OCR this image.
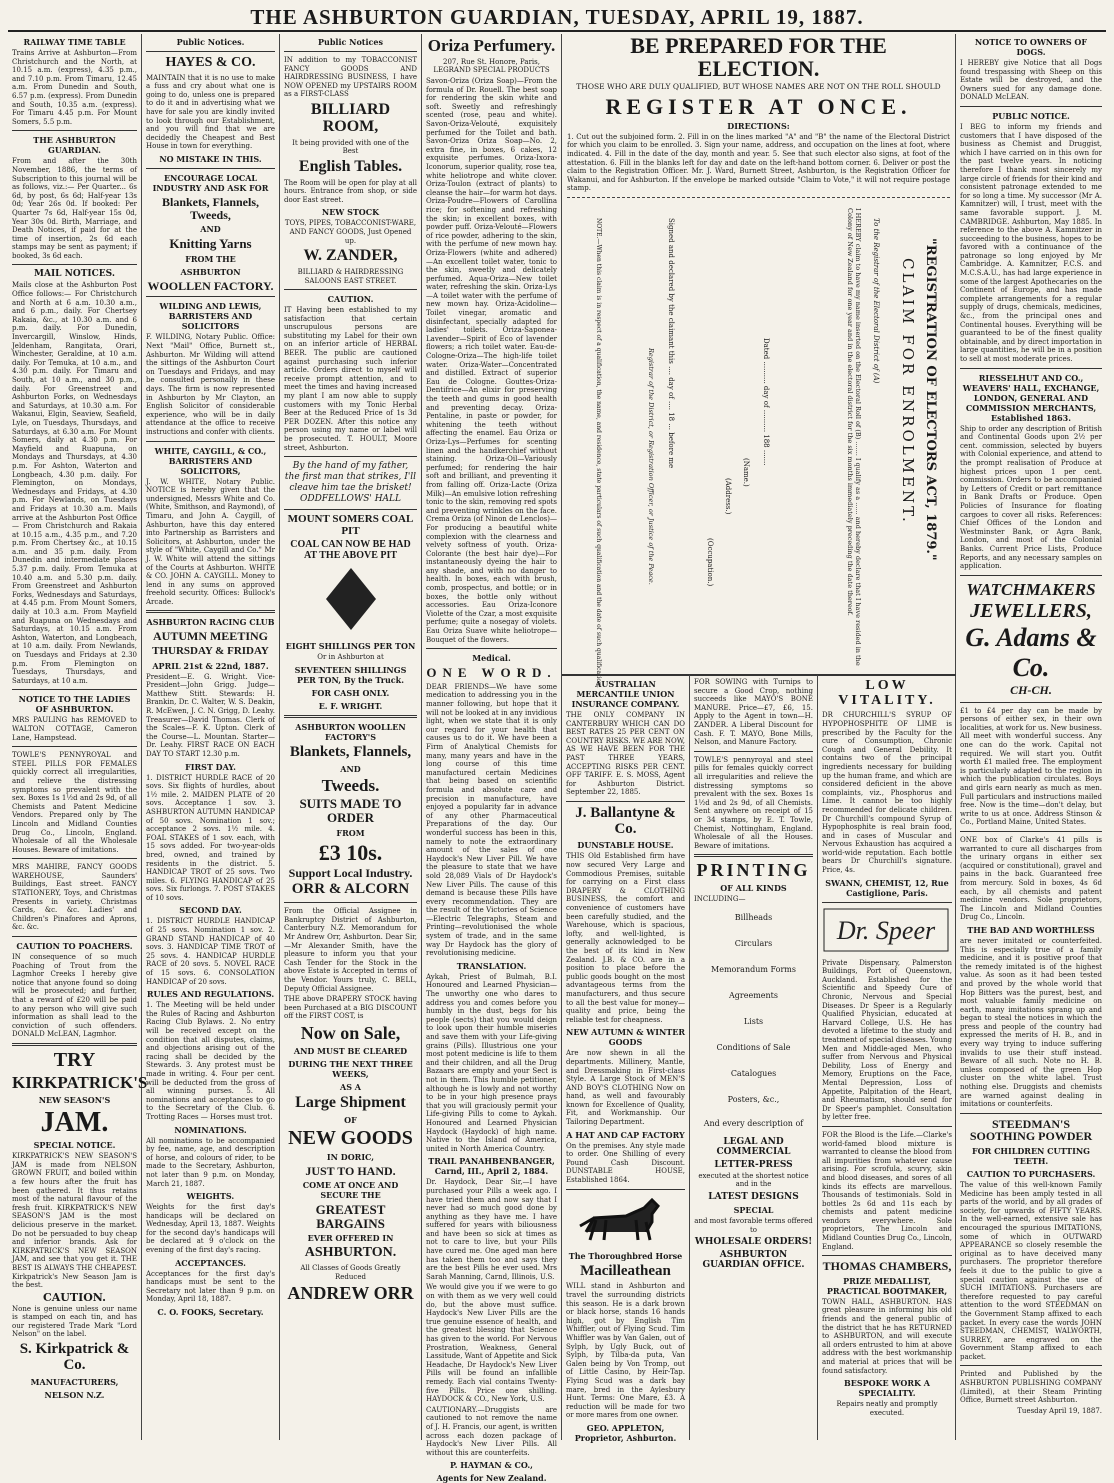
THE ASHBURTON GUARDIAN, TUESDAY, APRIL 19, 1887.
RAILWAY TIME TABLE
Trains Arrive at Ashburton—From Christchurch and the North, at 10.15 a.m. (express), 4.35 p.m., and 7.10 p.m. From Timaru, 12.45 a.m. From Dunedin and South, 6.57 p.m. (express). From Dunedin and South, 10.35 a.m. (express). For Timaru 4.45 p.m. For Mount Somers, 5.5 p.m.
THE ASHBURTON GUARDIAN.
From and after the 30th November, 1886, the terms of Subscription to this journal will be as follows, viz.:— Per Quarter... 6s 6d, by post, 6s 6d; Half-year 13s 0d; Year 26s 0d. If booked: Per Quarter 7s 6d, Half-year 15s 0d, Year 30s 0d. Birth, Marriage, and Death Notices, if paid for at the time of insertion, 2s 6d each stamps may be sent as payment; if booked, 3s 6d each.
MAIL NOTICES.
Mails close at the Ashburton Post Office follows:— For Christchurch and North at 6 a.m. 10.30 a.m., and 6 p.m., daily. For Chertsey Rakaia, &c., at 10.30 a.m. and 6 p.m. daily. For Dunedin, Invercargill, Winslow, Hinds, Jeldenham, Rangitata, Orari, Winchester, Geraldine, at 10 a.m. daily. For Temuka, at 10 a.m., and 4.30 p.m. daily. For Timaru and South, at 10 a.m., and 30 p.m., daily. For Greenstreet and Ashburton Forks, on Wednesdays and Saturdays, at 10.30 a.m. For Wakanui, Elgin, Seaview, Seafield, Lyle, on Tuesdays, Thursdays, and Saturdays, at 6.30 a.m. For Mount Somers, daily at 4.30 p.m. For Mayfield and Ruapuna, on Mondays and Thursdays, at 4.30 p.m. For Ashton, Waterton and Longbeach, 4.30 p.m. daily. For Flemington, on Mondays, Wednesdays and Fridays, at 4.30 p.m. For Newlands, on Tuesdays and Fridays at 10.30 a.m. Mails arrive at the Ashburton Post Office— From Christchurch and Rakaia at 10.15 a.m., 4.35 p.m., and 7.20 p.m. From Chertsey &c., at 10.15 a.m. and 35 p.m. daily. From Dunedin and intermediate places 5.37 p.m. daily. From Temuka at 10.40 a.m. and 5.30 p.m. daily. From Greenstreet and Ashburton Forks, Wednesdays and Saturdays, at 4.45 p.m. From Mount Somers, daily at 10.3 a.m. From Mayfield and Ruapuna on Wednesdays and Saturdays, at 10.15 a.m. From Ashton, Waterton, and Longbeach, at 10 a.m. daily. From Newlands, on Tuesdays and Fridays at 2.30 p.m. From Flemington on Tuesdays, Thursdays, and Saturdays, at 10 a.m.
NOTICE TO THE LADIES OF ASHBURTON.
MRS PAULING has REMOVED to WALTON COTTAGE, Cameron Lane, Hampstead.
TOWLE'S PENNYROYAL and STEEL PILLS FOR FEMALES quickly correct all irregularities, and relieve the distressing symptoms so prevalent with the sex. Boxes 1s 1½d and 2s 9d, of all Chemists and Patent Medicine Vendors. Prepared only by The Lincoln and Midland Counties Drug Co., Lincoln, England. Wholesale of all the Wholesale Houses. Beware of imitations.
MRS MAHIRE, FANCY GOODS WAREHOUSE, Saunders' Buildings, East street. FANCY STATIONERY, Toys, and Christmas Presents in variety. Christmas Cards, &c. &c. Ladies' and Children's Pinafores and Aprons, &c. &c.
CAUTION TO POACHERS.
IN consequence of so much Poaching of Trout from the Lagmhor Creeks I hereby give notice that anyone found so doing will be prosecuted; and further, that a reward of £20 will be paid to any person who will give such information as shall lead to the conviction of such offenders. DONALD McLEAN, Lagmhor.
TRY
KIRKPATRICK'S
NEW SEASON'S
JAM.
SPECIAL NOTICE.
KIRKPATRICK'S NEW SEASON'S JAM is made from NELSON GROWN FRUIT, and boiled within a few hours after the fruit has been gathered. It thus retains most of the natural flavour of the fresh fruit. KIRKPATRICK'S NEW SEASON'S JAM is the most delicious preserve in the market. Do not be persuaded to buy cheap and inferior brands. Ask for KIRKPATRICK'S NEW SEASON JAM, and see that you get it. THE BEST IS ALWAYS THE CHEAPEST. Kirkpatrick's New Season Jam is the best.
CAUTION.
None is genuine unless our name is stamped on each tin, and has our registered Trade Mark "Lord Nelson" on the label.
S. Kirkpatrick & Co.
MANUFACTURERS,
NELSON N.Z.
Public Notices.
HAYES & CO.
MAINTAIN that it is no use to make a fuss and cry about what one is going to do, unless one is prepared to do it and in advertising what we have for sale you are kindly invited to look through our Establishment, and you will find that we are decidedly the Cheapest and Best House in town for everything.
NO MISTAKE IN THIS.
ENCOURAGE LOCAL INDUSTRY AND ASK FOR
Blankets, Flannels, Tweeds,
AND
Knitting Yarns
FROM THE
ASHBURTON
WOOLLEN FACTORY.
WILDING AND LEWIS, BARRISTERS AND SOLICITORS
F. WILDING, Notary Public. Office: Next "Mail" Office, Burnett st., Ashburton. Mr Wilding will attend the sittings of the Ashburton Court on Tuesdays and Fridays, and may be consulted personally in these days. The firm is now represented in Ashburton by Mr Clayton, an English Solicitor of considerable experience, who will be in daily attendance at the office to receive instructions and confer with clients.
WHITE, CAYGILL, & CO., BARRISTERS AND SOLICITORS,
J. W. WHITE, Notary Public. NOTICE is hereby given that the undersigned, Messrs White and Co. (White, Smithson, and Raymond), of Timaru, and John A. Caygill, of Ashburton, have this day entered into Partnership as Barristers and Solicitors, at Ashburton, under the style of "White, Caygill and Co." Mr J. W. White will attend the sittings of the Courts at Ashburton. WHITE & CO. JOHN A. CAYGILL. Money to lend in any sums on approved freehold security. Offices: Bullock's Arcade.
ASHBURTON RACING CLUB
AUTUMN MEETING
THURSDAY & FRIDAY
APRIL 21st & 22nd, 1887.
President—E. G. Wright. Vice-President—John Grigg. Judge—Matthew Stitt. Stewards: H. Brankin, Dr. C. Walter, W. S. Deakin, R. McEwen, J. C. N. Grigg, D. Leahy. Treasurer—David Thomas. Clerk of the Scales—F. K. Upton. Clerk of the Course—L. Mountan. Starter—Dr. Leahy. FIRST RACE ON EACH DAY TO START 12.30 p.m.
FIRST DAY.
1. DISTRICT HURDLE RACE of 20 sovs. Six flights of hurdles, about 1½ mile. 2. MAIDEN PLATE of 20 sovs. Acceptance 1 sov. 3. ASHBURTON AUTUMN HANDICAP of 50 sovs. Nomination 1 sov.; acceptance 2 sovs. 1½ mile. 4. FOAL STAKES of 1 sov. each, with 15 sovs added. For two-year-olds bred, owned, and trained by residents in the district. 5. HANDICAP TROT of 25 sovs. Two miles. 6. FLYING HANDICAP of 25 sovs. Six furlongs. 7. POST STAKES of 10 sovs.
SECOND DAY.
1. DISTRICT HURDLE HANDICAP of 25 sovs. Nomination 1 sov. 2. GRAND STAND HANDICAP of 40 sovs. 3. HANDICAP TIME TROT of 25 sovs. 4. HANDICAP HURDLE RACE of 20 sovs. 5. NOVEL RACE of 15 sovs. 6. CONSOLATION HANDICAP of 20 sovs.
RULES AND REGULATIONS.
1. The Meeting will be held under the Rules of Racing and Ashburton Racing Club Bylaws. 2. No entry will be received except on the condition that all disputes, claims, and objections arising out of the racing shall be decided by the Stewards. 3. Any protest must be made in writing. 4. Four per cent. will be deducted from the gross of all winning purses. 5. All nominations and acceptances to go to the Secretary of the Club. 6. Trotting Races — Horses must trot.
NOMINATIONS.
All nominations to be accompanied by fee, name, age, and description of horse, and colours of rider, to be made to the Secretary, Ashburton, not later than 9 p.m. on Monday, March 21, 1887.
WEIGHTS.
Weights for the first day's handicaps will be declared on Wednesday, April 13, 1887. Weights for the second day's handicaps will be declared at 9 o'clock on the evening of the first day's racing.
ACCEPTANCES.
Acceptances for the first day's handicaps must be sent to the Secretary not later than 9 p.m. on Monday, April 18, 1887.
C. O. FOOKS, Secretary.
Public Notices
IN addition to my TOBACCONIST FANCY GOODS AND HAIRDRESSING BUSINESS, I have NOW OPENED my UPSTAIRS ROOM as a FIRST-CLASS
BILLIARD ROOM,
It being provided with one of the Best
English Tables.
The Room will be open for play at all hours. Entrance from shop, or side door East street.
NEW STOCK
TOYS, PIPES, TOBACCONIST-WARE, AND FANCY GOODS, Just Opened up.
W. ZANDER,
BILLIARD & HAIRDRESSING SALOONS EAST STREET.
CAUTION.
IT Having been established to my satisfaction that certain unscrupulous persons are substituting my Label for their own on an inferior article of HERBAL BEER. The public are cautioned against purchasing such inferior article. Orders direct to myself will receive prompt attention, and to meet the times and having increased my plant I am now able to supply customers with my Tonic Herbal Beer at the Reduced Price of 1s 3d PER DOZEN. After this notice any person using my name or label will be prosecuted. T. HOULT, Moore street, Ashburton.
By the hand of my father, the first man that strikes, I'll cleave him tae the brisket! ODDFELLOWS' HALL
MOUNT SOMERS COAL PIT
COAL CAN NOW BE HAD AT THE ABOVE PIT
EIGHT SHILLINGS PER TON
Or in Ashburton at
SEVENTEEN SHILLINGS PER TON, By the Truck.
FOR CASH ONLY.
E. F. WRIGHT.
ASHBURTON WOOLLEN FACTORY'S
Blankets, Flannels,
AND
Tweeds.
SUITS MADE TO ORDER
FROM
£3 10s.
Support Local Industry.
ORR & ALCORN
From the Official Assignee in Bankruptcy District of Ashburton, Canterbury N.Z. Memorandum for Mr Andrew Orr, Ashburton. Dear Sir,—Mr Alexander Smith, have the pleasure to inform you that your Cash Tender for the Stock in the above Estate is Accepted in terms of the Vendor. Yours truly, C. BELL, Deputy Official Assignee.
THE above DRAPERY STOCK having been Purchased at a BIG DISCOUNT off the FIRST COST, is
Now on Sale,
AND MUST BE CLEARED
DURING THE NEXT THREE WEEKS,
AS A
Large Shipment
OF
NEW GOODS
IN DORIC,
JUST TO HAND.
COME AT ONCE AND SECURE THE
GREATEST BARGAINS
EVER OFFERED IN
ASHBURTON.
All Classes of Goods Greatly Reduced
ANDREW ORR
Oriza Perfumery.
207, Rue St. Honore, Paris, LEGRAND SPECIAL PRODUCTS
Savon-Oriza (Oriza Soap)—From the formula of Dr. Rouell. The best soap for rendering the skin white and soft. Sweetly and refreshingly scented (rose, peau and white). Savon-Oriza-Velouté, exquisitely perfumed for the Toilet and bath. Savon-Oriza Oriza Soap—No. 2, extra fine, in boxes, 6 cakes, 12 exquisite perfumes. Oriza-Ixora-Iconorum, superior quality, rose tea, white heliotrope and white clover. Oriza-Toulon (extract of plants) to cleanse the hair—for warm hot days. Oriza-Poudre—Flowers of Carollina rice; for softening and refreshing the skin; in excellent boxes, with powder puff. Oriza-Velouté—Flowers of rice powder, adhering to the skin, with the perfume of new mown hay. Oriza-Flowers (white and adhered)—An excellent toilet water, tonic to the skin, sweetly and delicately perfumed. Aqua-Oriza—New toilet water, refreshing the skin. Oriza-Lys—A toilet water with the perfume of new mown hay. Oriza-Acidoline—Toilet vinegar, aromatic and disinfectant, specially adapted for ladies' toilets. Oriza-Saponea-Lavender—Spirit of Eco of lavender flowers; a rich toilet water. Eau-de-Cologne-Oriza—The high-life toilet water. Oriza-Water—Concentrated and distilled. Extract of superior Eau de Cologne. Gouttes-Oriza-Dentifrice—An elixir for preserving the teeth and gums in good health and preventing decay. Oriza-Pentaline, in paste or powder, for whitening the teeth without affecting the enamel. Eau Oriza or Oriza-Lys—Perfumes for scenting linen and the handkerchief without staining. Oriza-Oil—Variously perfumed; for rendering the hair soft and brilliant, and preventing it from falling off. Oriza-Lacte (Oriza Milk)—An emulsive lotion refreshing tonic to the skin, removing red spots and preventing wrinkles on the face. Crema Oriza (of Ninon de Lenclos)—For producing a beautiful white complexion with the clearness and velvety softness of youth. Oriza-Colorante (the best hair dye)—For instantaneously dyeing the hair to any shade, and with no danger to health. In boxes, each with brush, comb, prospectus, and bottle; or in boxes, the bottle only without accessories. Eau Oriza-Iconore Violette of the Czar, a most exquisite perfume; quite a nosegay of violets. Eau Oriza Suave white heliotrope—Bouquet of the flowers.
Medical.
ONE WORD.
DEAR FRIENDS—We have some medication to addressing you in the manner following, but hope that it will not be looked at in any invidious light, when we state that it is only our regard for your health that causes us to do it. We have been a Firm of Analytical Chemists for many, many years and have in the long course of this time manufactured certain Medicines that being based on scientific formula and absolute care and precision in manufacture, have enjoyed a popularity far in advance of any other Pharmaceutical Preparations of the day. Our wonderful success has been in this, namely to note the extraordinary amount of the sales of one Haydock's New Liver Pill. We have the pleasure to state that we have sold 28,089 Vials of Dr Haydock's New Liver Pills. The cause of this demand is because these Pills have every recommendation. They are the result of the Victories of Science—Electric Telegraphs, Steam and Printing—revolutionised the whole system of trade, and in the same way Dr Haydock has the glory of revolutionising medicine.
TRANSLATION.
Aykah, Priest of Bulmah, B.I. Honoured and Learned Physician—The unworthy one who dares to address you and comes before you humbly in the dust, begs for his people (sects) that you would deign to look upon their humble miseries and save them with your Life-giving grains (Pills). Illustrious one your most potent medicine is life to them and their children, and all the Drug Bazaars are empty and your Sect is not in them. This humble petitioner, although he is lowly and not worthy to be in your high presence prays that you will graciously permit your Life-giving Pills to come to Aykah. Honoured and Learned Physician Haydock (Haydock) of high name. Native to the Island of America, united in North America Country.
TRAIL PANAHBENBANGER, Carnd, III., April 2, 1884.
Dr. Haydock, Dear Sir,—I have purchased your Pills a week ago. I have tried them and now say that I never had so much good done by anything as they have me. I have suffered for years with biliousness and have been so sick at times as not to care to live, but your Pills have cured me. One aged man here has taken them too and says they are the best Pills he ever used. Mrs Sarah Manning, Carnd, Illinois, U.S.
We would give you if we were to go on with them as we very well could do, but the above must suffice. Haydock's New Liver Pills are the true genuine essence of health, and the greatest blessing that Science has given to the world. For Nervous Prostration, Weakness, General Lassitude, Want of Appetite and Sick Headache, Dr Haydock's New Liver Pills will be found an infallible remedy. Each vial contains Twenty-five Pills. Price one shilling. HAYDOCK & CO., New York, U.S.
CAUTIONARY.—Druggists are cautioned to not remove the name of J. H. Francis, our agent, is written across each dozen package of Haydock's New Liver Pills. All without this are counterfeits.
P. HAYMAN & CO.,
Agents for New Zealand.
BE PREPARED FOR THE ELECTION.
THOSE WHO ARE DULY QUALIFIED, BUT WHOSE NAMES ARE NOT ON THE ROLL SHOULD
REGISTER AT ONCE.
DIRECTIONS:
1. Cut out the subjoined form. 2. Fill in on the lines marked "A" and "B" the name of the Electoral District for which you claim to be enrolled. 3. Sign your name, address, and occupation on the lines at foot, where indicated. 4. Fill in the date of the day, month and year. 5. See that such elector also signs, at foot of the attestation. 6. Fill in the blanks left for day and date on the left-hand bottom corner. 6. Deliver or post the claim to the Registration Officer. Mr. J. Ward, Burnett Street, Ashburton, is the Registration Officer for Wakanui, and for Ashburton. If the envelope be marked outside "Claim to Vote," it will not require postage stamp.
"REGISTRATION OF ELECTORS ACT, 1879."
CLAIM FOR ENROLMENT.
To the Registrar of the Electoral District of (A)
I HEREBY claim to have my name inserted on the Electoral Roll of (B) ....... I qualify as a ...... and hereby declare that I have resided in the Colony of New Zealand for one year and in the electoral district for the six months immediately preceding the date thereof.
Dated .......... day of .......... 188 .......
(Name.)
(Address.)
(Occupation.)
Signed and declared by the claimant this .... day of .... 18 ... before me
Registrar of the District, or Registration Officer, or Justice of the Peace.
NOTE.—When this claim is in respect of a qualification, the name, and residence, state particulars of such qualification and the date of such qualification.
AUSTRALIAN MERCANTILE UNION INSURANCE COMPANY.
THE ONLY COMPANY IN CANTERBURY WHICH CAN DO BEST RATES 25 PER CENT ON COUNTRY RISKS. WE ARE NOW, AS WE HAVE BEEN FOR THE PAST THREE YEARS, ACCEPTING RISKS PER CENT. OFF TARIFF. E. S. MOSS, Agent for Ashburton District. September 22, 1885.
J. Ballantyne & Co.
DUNSTABLE HOUSE.
THIS Old Established firm have now secured Very Large and Commodious Premises, suitable for carrying on a First class DRAPERY & CLOTHING BUSINESS, the comfort and convenience of customers have been carefully studied, and the Warehouse, which is spacious, lofty, and well-lighted, is generally acknowledged to be the best of its kind in New Zealand. J.B. & CO. are in a position to place before the public goods bought on the most advantageous terms from the manufacturers, and thus secure to all the best value for money—quality and price, being the reliable test for cheapness.
NEW AUTUMN & WINTER GOODS
Are now shewn in all the departments. Millinery, Mantle, and Dressmaking in First-class Style. A Large Stock of MEN'S AND BOY'S CLOTHING Now on hand, as well and favourably known for Excellence of Quality, Fit, and Workmanship. Our Tailoring Department.
A HAT AND CAP FACTORY
On the premises. Any style made to order. One Shilling of every Pound Cash Discount. DUNSTABLE HOUSE, Established 1864.
The Thoroughbred Horse
Macilleathean
WILL stand in Ashburton and travel the surrounding districts this season. He is a dark brown or black horse, stands 16 hands high, got by English Tim Whiffler, out of Flying Scud. Tim Whiffler was by Van Galen, out of Sylph, by Ugly Buck, out of Sylph, by Tilba-da puta, Van Galen being by Von Tromp, out of Little Casino, by Heir-Tap. Flying Scud was a dark bay mare, bred in the Aylesbury Hunt. Terms: One Mare, £3. A reduction will be made for two or more mares from one owner.
GEO. APPLETON, Proprietor, Ashburton.
FOR SOWING with Turnips to secure a Good Crop, nothing succeeds like MAYO'S BONE MANURE. Price—£7, £6, 15. Apply to the Agent in town—H. ZANDER. A Liberal Discount for Cash. F. T. MAYO, Bone Mills, Nelson, and Manure Factory.
TOWLE'S pennyroyal and steel pills for females quickly correct all irregularities and relieve the distressing symptoms so prevalent with the sex. Boxes 1s 1½d and 2s 9d, of all Chemists. Sent anywhere on receipt of 15 or 34 stamps, by E. T. Towle, Chemist, Nottingham, England. Wholesale of all the Houses. Beware of imitations.
PRINTING
OF ALL KINDS
INCLUDING—
Billheads
Circulars
Memorandum Forms
Agreements
Lists
Conditions of Sale
Catalogues
Posters, &c.,
And every description of
LEGAL AND COMMERCIAL
LETTER-PRESS
executed at the shortest notice and in the
LATEST DESIGNS
SPECIAL
and most favorable terms offered to
WHOLESALE ORDERS!
ASHBURTON GUARDIAN OFFICE.
LOW VITALITY.
DR CHURCHILL'S SYRUP OF HYPOPHOSPHITE OF LIME is prescribed by the Faculty for the cure of Consumption, Chronic Cough and General Debility. It contains two of the principal ingredients necessary for building up the human frame, and which are considered deficient in the above complaints, viz., Phosphorus and Lime. It cannot be too highly recommended for delicate children. Dr Churchill's compound Syrup of Hypophosphite is real brain food, and in cases of Muscular and Nervous Exhaustion has acquired a world-wide reputation. Each bottle bears Dr Churchill's signature. Price, 4s.
SWANN, CHEMIST, 12, Rue Castiglione, Paris.
Dr. Speer
Private Dispensary, Palmerston Buildings, Port of Queenstown, Auckland. Established for the Scientific and Speedy Cure of Chronic, Nervous and Special Diseases. Dr Speer is a Regularly Qualified Physician, educated at Harvard College, U.S. He has devoted a lifetime to the study and treatment of special diseases. Young Men and Middle-aged Men, who suffer from Nervous and Physical Debility, Loss of Energy and Memory, Eruptions on the Face, Mental Depression, Loss of Appetite, Palpitation of the Heart, and Rheumatism, should send for Dr Speer's pamphlet. Consultation by letter free.
FOR the Blood is the Life.—Clarke's world-famed blood mixture is warranted to cleanse the blood from all impurities from whatever cause arising. For scrofula, scurvy, skin and blood diseases, and sores of all kinds its effects are marvellous. Thousands of testimonials. Sold in bottles 2s 6d and 11s each by chemists and patent medicine vendors everywhere. Sole proprietors, The Lincoln and Midland Counties Drug Co., Lincoln, England.
THOMAS CHAMBERS,
PRIZE MEDALLIST, PRACTICAL BOOTMAKER,
TOWN HALL, ASHBURTON. HAS great pleasure in informing his old friends and the general public of the district that he has RETURNED to ASHBURTON, and will execute all orders entrusted to him at above address with the best workmanship and material at prices that will be found satisfactory.
BESPOKE WORK A SPECIALITY.
Repairs neatly and promptly executed.
NOTICE TO OWNERS OF DOGS.
I HEREBY give Notice that all Dogs found trespassing with Sheep on this Estate will be destroyed, and the Owners sued for any damage done. DONALD McLEAN.
PUBLIC NOTICE.
I BEG to inform my friends and customers that I have disposed of the business as Chemist and Druggist, which I have carried on in this own for the past twelve years. In noticing therefore I thank most sincerely my large circle of friends for their kind and consistent patronage extended to me for so long a time. My successor (Mr A. Kamnitzer) will, I trust, meet with the same favorable support. J. M. CAMBRIDGE. Ashburton, May 1885. In reference to the above A. Kamnitzer in succeeding to the business, hopes to be favored with a continuance of the patronage so long enjoyed by Mr Cambridge. A. Kamnitzer, F.C.S. and M.C.S.A.U., has had large experience in some of the largest Apothecaries on the Continent of Europe, and has made complete arrangements for a regular supply of drugs, chemicals, medicines, &c., from the principal ones and Continental houses. Everything will be guaranteed to be of the finest quality obtainable, and by direct importation in large quantities, he will be in a position to sell at most moderate prices.
RIESSELHUT AND CO., WEAVERS' HALL, EXCHANGE, LONDON, GENERAL AND COMMISSION MERCHANTS, Established 1863.
Ship to order any description of British and Continental Goods upon 2½ per cent. commission, selected by buyers with Colonial experience, and attend to the prompt realisation of Produce at highest prices upon 1 per cent. commission. Orders to be accompanied by Letters of Credit or part remittance in Bank Drafts or Produce. Open Policies of Insurance for floating cargoes to cover all risks. References: Chief Offices of the London and Westminster Bank, or Agra Bank, London, and most of the Colonial Banks. Current Price Lists, Produce Reports, and any necessary samples on application.
WATCHMAKERS
JEWELLERS,
G. Adams & Co.
CH-CH.
£1 to £4 per day can be made by persons of either sex, in their own localities, at work for us. New business. All meet with wonderful success. Any one can do the work. Capital not required. We will start you. Outfit worth £1 mailed free. The employment is particularly adapted to the region in which the publication circulates. Boys and girls earn nearly as much as men. Full particulars and instructions mailed free. Now is the time—don't delay, but write to us at once. Address Stinson & Co., Portland Maine, United States.
ONE box of Clarke's 41 pills is warranted to cure all discharges from the urinary organs in either sex (acquired or constitutional), gravel and pains in the back. Guaranteed free from mercury. Sold in boxes, 4s 6d each, by all chemists and patent medicine vendors. Sole proprietors, The Lincoln and Midland Counties Drug Co., Lincoln.
THE BAD AND WORTHLESS
are never imitated or counterfeited. This is especially true of a family medicine, and it is positive proof that the remedy imitated is of the highest value. As soon as it had been tested and proved by the whole world that Hop Bitters was the purest, best, and most valuable family medicine on earth, many imitations sprang up and began to steal the notices in which the press and people of the country had expressed the merits of H. B., and in every way trying to induce suffering invalids to use their stuff instead. Beware of all such. Note no H. B. unless composed of the green Hop cluster on the white label. Trust nothing else. Druggists and chemists are warned against dealing in imitations or counterfeits.
STEEDMAN'S SOOTHING POWDER
FOR CHILDREN CUTTING TEETH.
CAUTION TO PURCHASERS.
The value of this well-known Family Medicine has been amply tested in all parts of the world, and by all grades of society, for upwards of FIFTY YEARS. In the well-earned, extensive sale has encouraged the spurious IMITATIONS, some of which in OUTWARD APPEARANCE so closely resemble the original as to have deceived many purchasers. The proprietor therefore feels it due to the public to give a special caution against the use of SUCH IMITATIONS. Purchasers are therefore requested to pay careful attention to the word STEEDMAN on the Government Stamp affixed to each packet. In every case the words JOHN STEEDMAN, CHEMIST, WALWORTH, SURREY, are engraved on the Government Stamp affixed to each packet.
Printed and Published by the ASHBURTON PUBLISHING COMPANY (Limited), at their Steam Printing Office, Burnett street Ashburton.
Tuesday April 19, 1887.
